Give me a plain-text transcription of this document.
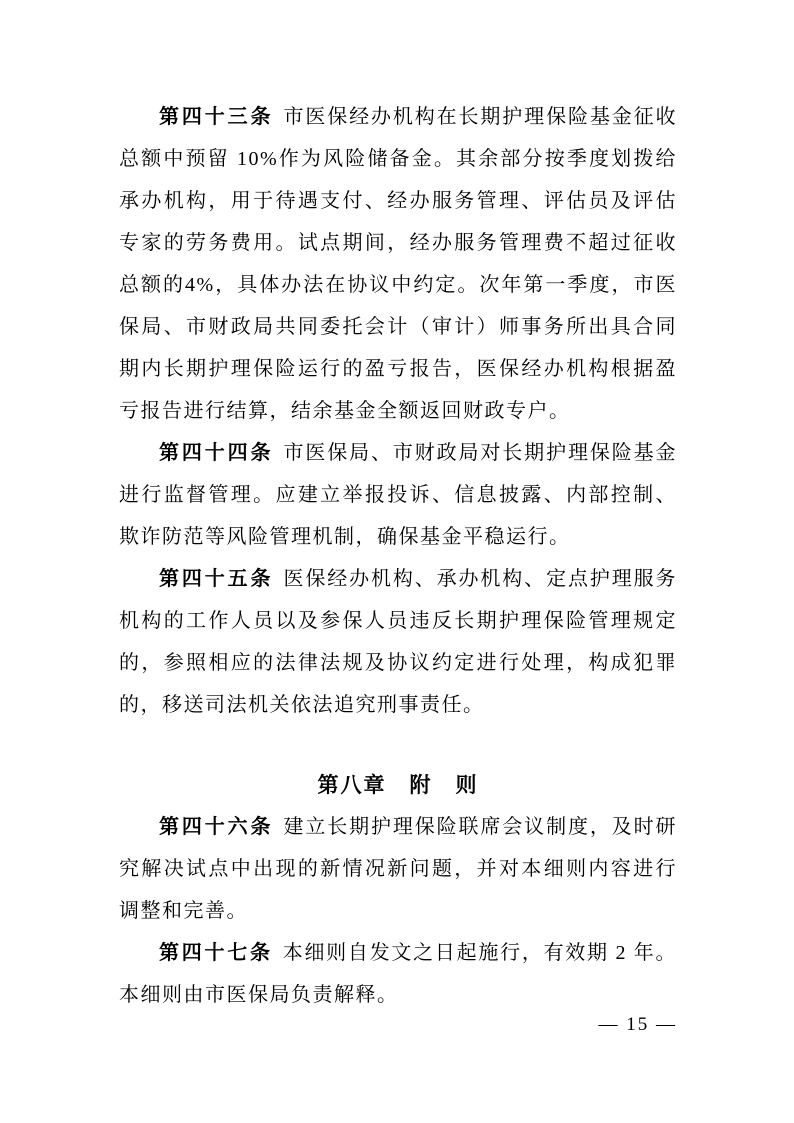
第四十三条 市医保经办机构在长期护理保险基金征收总额中预留 10%作为风险储备金。其余部分按季度划拨给承办机构，用于待遇支付、经办服务管理、评估员及评估专家的劳务费用。试点期间，经办服务管理费不超过征收总额的4%，具体办法在协议中约定。次年第一季度，市医保局、市财政局共同委托会计（审计）师事务所出具合同期内长期护理保险运行的盈亏报告，医保经办机构根据盈亏报告进行结算，结余基金全额返回财政专户。

第四十四条 市医保局、市财政局对长期护理保险基金进行监督管理。应建立举报投诉、信息披露、内部控制、欺诈防范等风险管理机制，确保基金平稳运行。

第四十五条 医保经办机构、承办机构、定点护理服务机构的工作人员以及参保人员违反长期护理保险管理规定的，参照相应的法律法规及协议约定进行处理，构成犯罪的，移送司法机关依法追究刑事责任。

第八章　附　则

第四十六条 建立长期护理保险联席会议制度，及时研究解决试点中出现的新情况新问题，并对本细则内容进行调整和完善。

第四十七条 本细则自发文之日起施行，有效期 2 年。本细则由市医保局负责解释。

— 15 —
